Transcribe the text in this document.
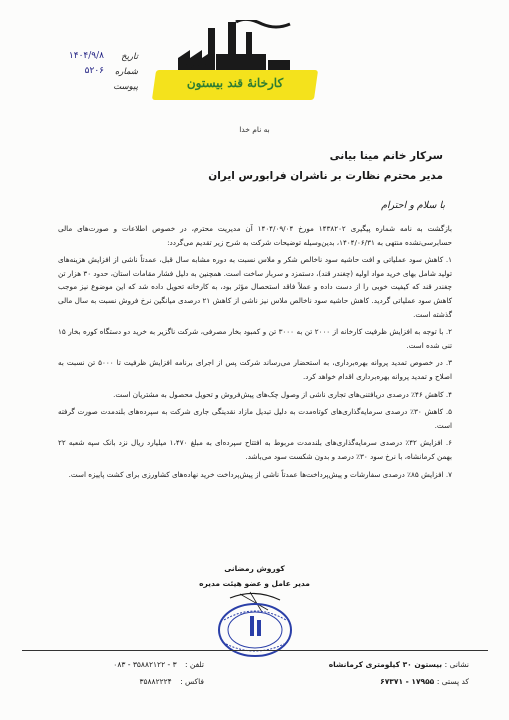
تاریخ
۱۴۰۴/۹/۸
شماره
۵۲۰۶
پیوست	کارخانهٔ قند بیستون
به نام خدا
سرکار خانم مینا بیانی
مدیر محترم نظارت بر ناشران فرابورس ایران
با سلام و احترام

بازگشت به نامه شماره پیگیری ۱۴۳۸۲۰۲ مورخ ۱۴۰۴/۰۹/۰۴ آن مدیریت محترم، در خصوص اطلاعات و صورت‌های مالی حسابرسی‌نشده منتهی به ۱۴۰۴/۰۶/۳۱، بدین‌وسیله توضیحات شرکت به شرح زیر تقدیم می‌گردد:

۱. کاهش سود عملیاتی و افت حاشیه سود ناخالص شکر و ملاس نسبت به دوره مشابه سال قبل، عمدتاً ناشی از افزایش هزینه‌های تولید شامل بهای خرید مواد اولیه (چغندر قند)، دستمزد و سربار ساخت است. همچنین به دلیل فشار مقامات استان، حدود ۳۰ هزار تن چغندر قند که کیفیت خوبی را از دست داده و عملاً فاقد استحصال مؤثر بود، به کارخانه تحویل داده شد که این موضوع نیز موجب کاهش سود عملیاتی گردید. کاهش حاشیه سود ناخالص ملاس نیز ناشی از کاهش ۲۱ درصدی میانگین نرخ فروش نسبت به سال مالی گذشته است.

۲. با توجه به افزایش ظرفیت کارخانه از ۲۰۰۰ تن به ۳۰۰۰ تن و کمبود بخار مصرفی، شرکت ناگزیر به خرید دو دستگاه کوره بخار ۱۵ تنی شده است.

۳. در خصوص تمدید پروانه بهره‌برداری، به استحضار می‌رساند شرکت پس از اجرای برنامه افزایش ظرفیت تا ۵۰۰۰ تن نسبت به اصلاح و تمدید پروانه بهره‌برداری اقدام خواهد کرد.

۴. کاهش ۴۶٪ درصدی دریافتنی‌های تجاری ناشی از وصول چک‌های پیش‌فروش و تحویل محصول به مشتریان است.

۵. کاهش ۳۰٪ درصدی سرمایه‌گذاری‌های کوتاه‌مدت به دلیل تبدیل مازاد نقدینگی جاری شرکت به سپرده‌های بلندمدت صورت گرفته است.

۶. افزایش ۴۲٪ درصدی سرمایه‌گذاری‌های بلندمدت مربوط به افتتاح سپرده‌ای به مبلغ ۱،۴۷۰ میلیارد ریال نزد بانک سپه شعبه ۲۲ بهمن کرمانشاه، با نرخ سود ۳۰٪ درصد و بدون شکست سود می‌باشد.

۷. افزایش ۸۵٪ درصدی سفارشات و پیش‌پرداخت‌ها عمدتاً ناشی از پیش‌پرداخت خرید نهاده‌های کشاورزی برای کشت پاییزه است.

کوروش رمضانی
مدیر عامل و عضو هیئت مدیره
نشانی : بیستون ۳۰ کیلومتری کرمانشاه
کد پستی : ۱۷۹۵۵ - ۶۷۳۷۱
تلفن : ۳ - ۳۵۸۸۲۱۲۲ - ۰۸۳
فاکس : ۳۵۸۸۲۲۲۴
